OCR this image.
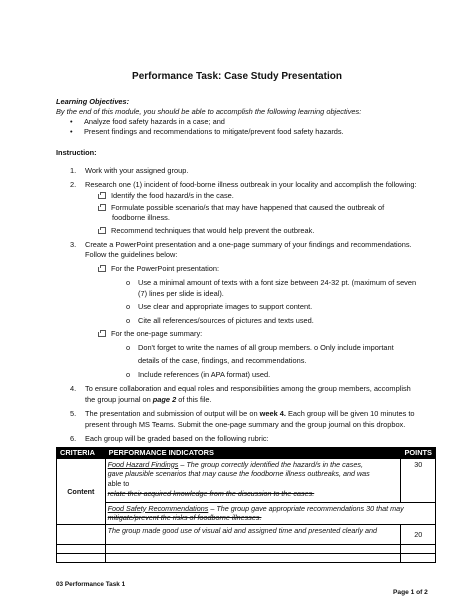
Performance Task: Case Study Presentation
Learning Objectives:
By the end of this module, you should be able to accomplish the following learning objectives:
• Analyze food safety hazards in a case; and
• Present findings and recommendations to mitigate/prevent food safety hazards.
Instruction:
1. Work with your assigned group.
2. Research one (1) incident of food-borne illness outbreak in your locality and accomplish the following:
Identify the food hazard/s in the case.
Formulate possible scenario/s that may have happened that caused the outbreak of
foodborne illness.
Recommend techniques that would help prevent the outbreak.
3. Create a PowerPoint presentation and a one-page summary of your findings and recommendations.
Follow the guidelines below:
For the PowerPoint presentation:
o Use a minimal amount of texts with a font size between 24-32 pt. (maximum of seven
(7) lines per slide is ideal).
o Use clear and appropriate images to support content.
o Cite all references/sources of pictures and texts used.
For the one-page summary:
o Don't forget to write the names of all group members. o Only include important
details of the case, findings, and recommendations.
o Include references (in APA format) used.
4. To ensure collaboration and equal roles and responsibilities among the group members, accomplish
the group journal on page 2 of this file.
5. The presentation and submission of output will be on week 4. Each group will be given 10 minutes to
present through MS Teams. Submit the one-page summary and the group journal on this dropbox.
6. Each group will be graded based on the following rubric:
CRITERIA	PERFORMANCE INDICATORS	POINTS
Content	Food Hazard Findings – The group correctly identified the hazard/s in the cases,
gave plausible scenarios that may cause the foodborne illness outbreaks, and was
able to
relate their acquired knowledge from the discussion to the cases.	30
	Food Safety Recommendations – The group gave appropriate recommendations 30 that may
mitigate/prevent the risks of foodborne illnesses.	
	The group made good use of visual aid and assigned time and presented clearly and	20

03 Performance Task 1
Page 1 of 2
